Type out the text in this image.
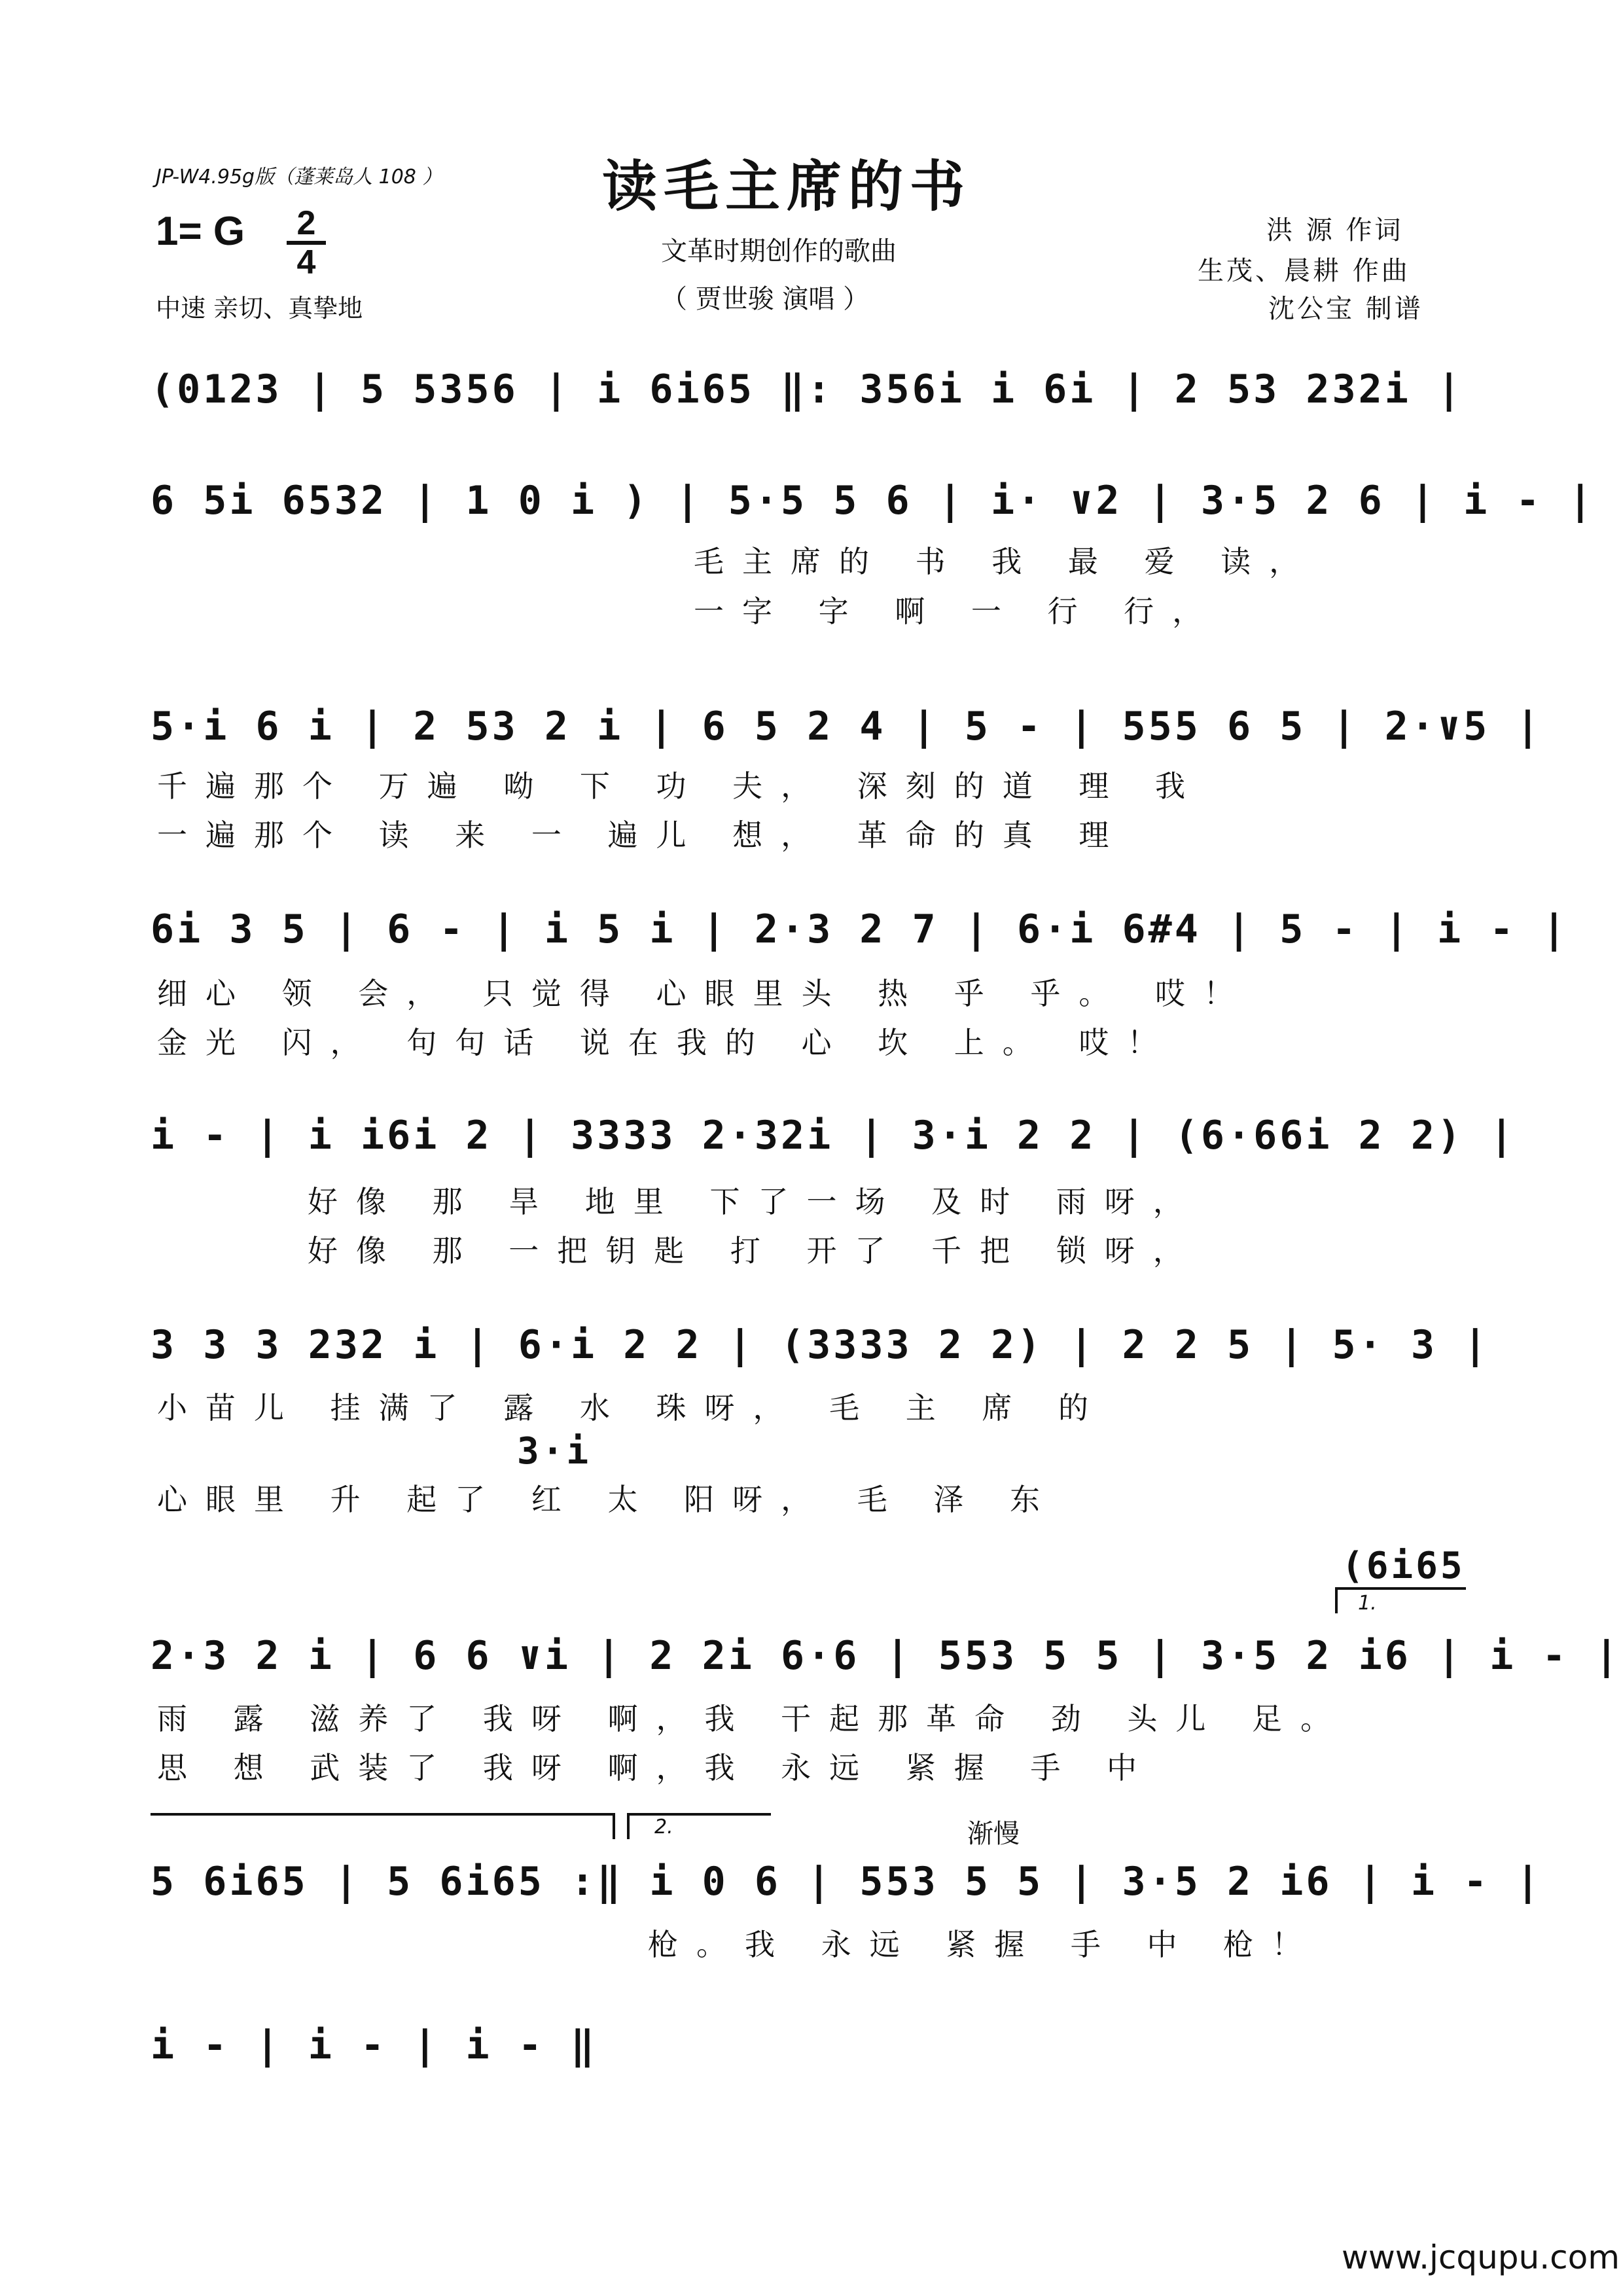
JP-W4.95g版（蓬莱岛人 108 ）	读毛主席的书
文革时期创作的歌曲
（ 贾世骏 演唱 ）
洪 源 作词
生茂、晨耕 作曲
沈公宝 制谱
1= G 2
4
中速 亲切、真挚地
(0123 | 5 5356 | i 6i65 ‖: 356i i 6i | 2 53 232i |
6 5i 6532 | 1 0 i ) | 5·5 5 6 | i· ∨2 | 3·5 2 6 | i - |
毛主席的 书 我 最 爱 读，
一字 字 啊 一 行 行，
5·i 6 i | 2 53 2 i | 6 5 2 4 | 5 - | 555 6 5 | 2·∨5 |
千遍那个 万遍 呦 下 功 夫， 深刻的道 理 我
一遍那个 读 来 一 遍儿 想， 革命的真 理
6i 3 5 | 6 - | i 5 i | 2·3 2 7 | 6·i 6#4 | 5 - | i - |
细心 领 会， 只觉得 心眼里头 热 乎 乎。 哎！
金光 闪， 句句话 说在我的 心 坎 上。 哎！
i - | i i6i 2 | 3333 2·32i | 3·i 2 2 | (6·66i 2 2) |
好像 那 旱 地里 下了一场 及时 雨呀，
好像 那 一把钥匙 打 开了 千把 锁呀，
3 3 3 232 i | 6·i 2 2 | (3333 2 2) | 2 2 5 | 5· 3 |
小苗儿 挂满了 露 水 珠呀， 毛 主 席 的
3·i
心眼里 升 起了 红 太 阳呀， 毛 泽 东
(6i65
1.
2·3 2 i | 6 6 ∨i | 2 2i 6·6 | 553 5 5 | 3·5 2 i6 | i - |
雨 露 滋养了 我呀 啊，我 干起那革命 劲 头儿 足。
思 想 武装了 我呀 啊，我 永远 紧握 手 中
2.	渐慢
5 6i65 | 5 6i65 :‖ i 0 6 | 553 5 5 | 3·5 2 i6 | i - |
枪。我 永远 紧握 手 中 枪！
i - | i - | i - ‖
www.jcqupu.com
